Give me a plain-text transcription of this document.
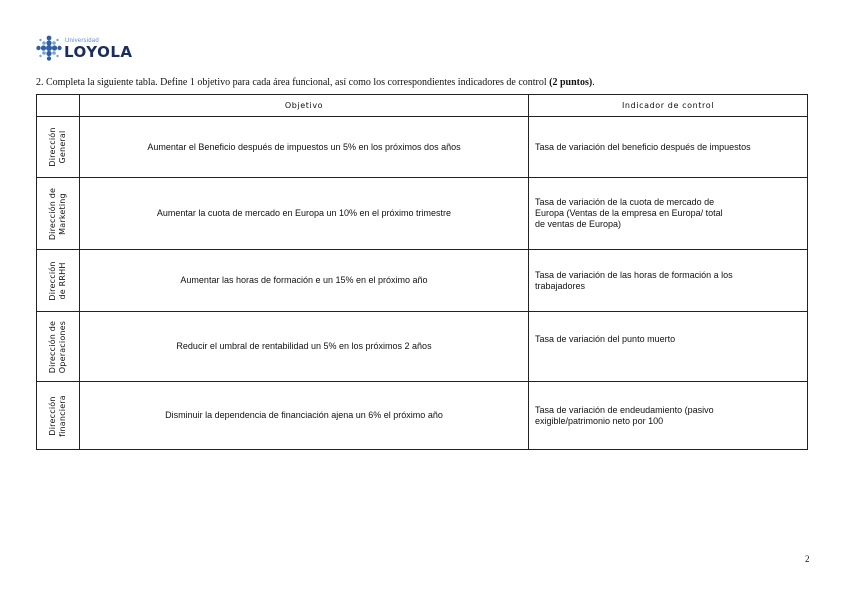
Universidad
LOYOLA
2. Completa la siguiente tabla. Define 1 objetivo para cada área funcional, así como los correspondientes indicadores de control (2 puntos).
	Objetivo	Indicador de control

Dirección
General	Aumentar el Beneficio después de impuestos un 5% en los próximos dos años	Tasa de variación del beneficio después de impuestos

Dirección de
Marketing	Aumentar la cuota de mercado en Europa un 10% en el próximo trimestre	Tasa de variación de la cuota de mercado de
Europa (Ventas de la empresa en Europa/ total
de ventas de Europa)

Dirección
de RRHH	Aumentar las horas de formación e un 15% en el próximo año	Tasa de variación de las horas de formación a los
trabajadores

Dirección de
Operaciones	Reducir el umbral de rentabilidad un 5% en los próximos 2 años	Tasa de variación del punto muerto

Dirección
financiera	Disminuir la dependencia de financiación ajena un 6% el próximo año	Tasa de variación de endeudamiento (pasivo
exigible/patrimonio neto por 100
2
